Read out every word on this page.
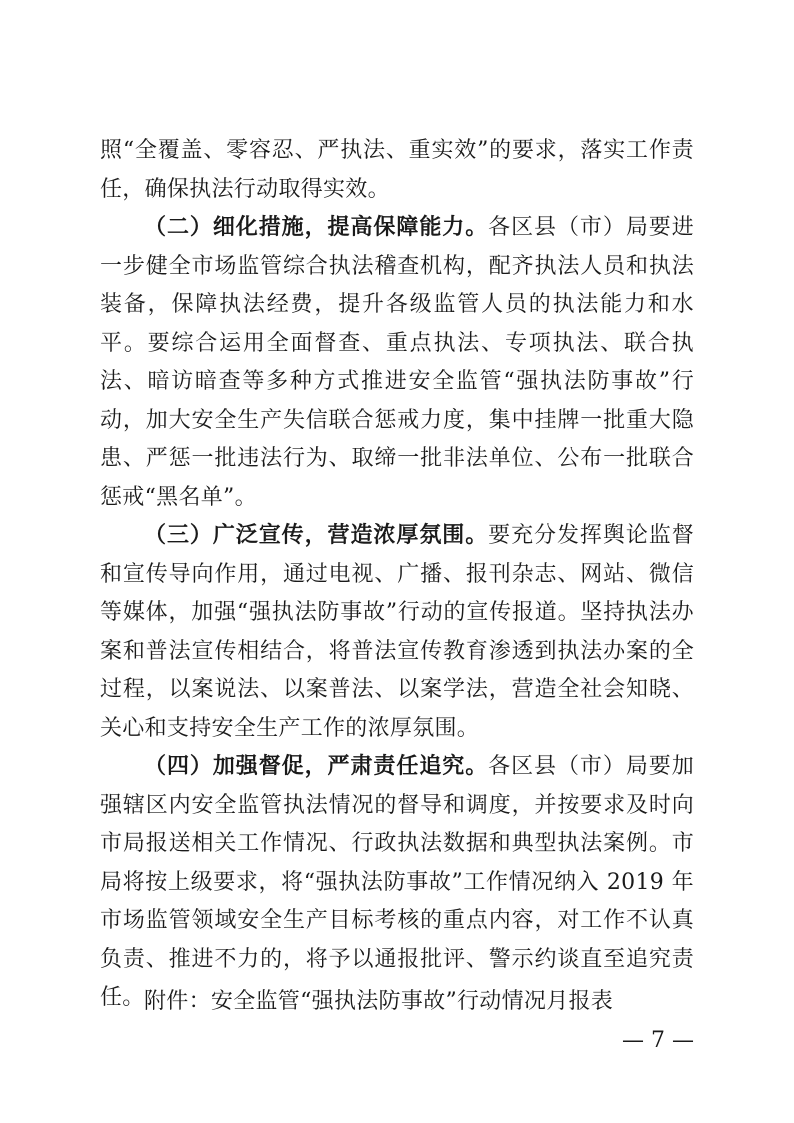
照“全覆盖、零容忍、严执法、重实效”的要求，落实工作责任，确保执法行动取得实效。

（二）细化措施，提高保障能力。各区县（市）局要进一步健全市场监管综合执法稽查机构，配齐执法人员和执法装备，保障执法经费，提升各级监管人员的执法能力和水平。要综合运用全面督查、重点执法、专项执法、联合执法、暗访暗查等多种方式推进安全监管“强执法防事故”行动，加大安全生产失信联合惩戒力度，集中挂牌一批重大隐患、严惩一批违法行为、取缔一批非法单位、公布一批联合惩戒“黑名单”。

（三）广泛宣传，营造浓厚氛围。要充分发挥舆论监督和宣传导向作用，通过电视、广播、报刊杂志、网站、微信等媒体，加强“强执法防事故”行动的宣传报道。坚持执法办案和普法宣传相结合，将普法宣传教育渗透到执法办案的全过程，以案说法、以案普法、以案学法，营造全社会知晓、关心和支持安全生产工作的浓厚氛围。

（四）加强督促，严肃责任追究。各区县（市）局要加强辖区内安全监管执法情况的督导和调度，并按要求及时向市局报送相关工作情况、行政执法数据和典型执法案例。市局将按上级要求，将“强执法防事故”工作情况纳入 2019 年市场监管领域安全生产目标考核的重点内容，对工作不认真负责、推进不力的，将予以通报批评、警示约谈直至追究责任。 附件：安全监管“强执法防事故”行动情况月报表

— 7 —
